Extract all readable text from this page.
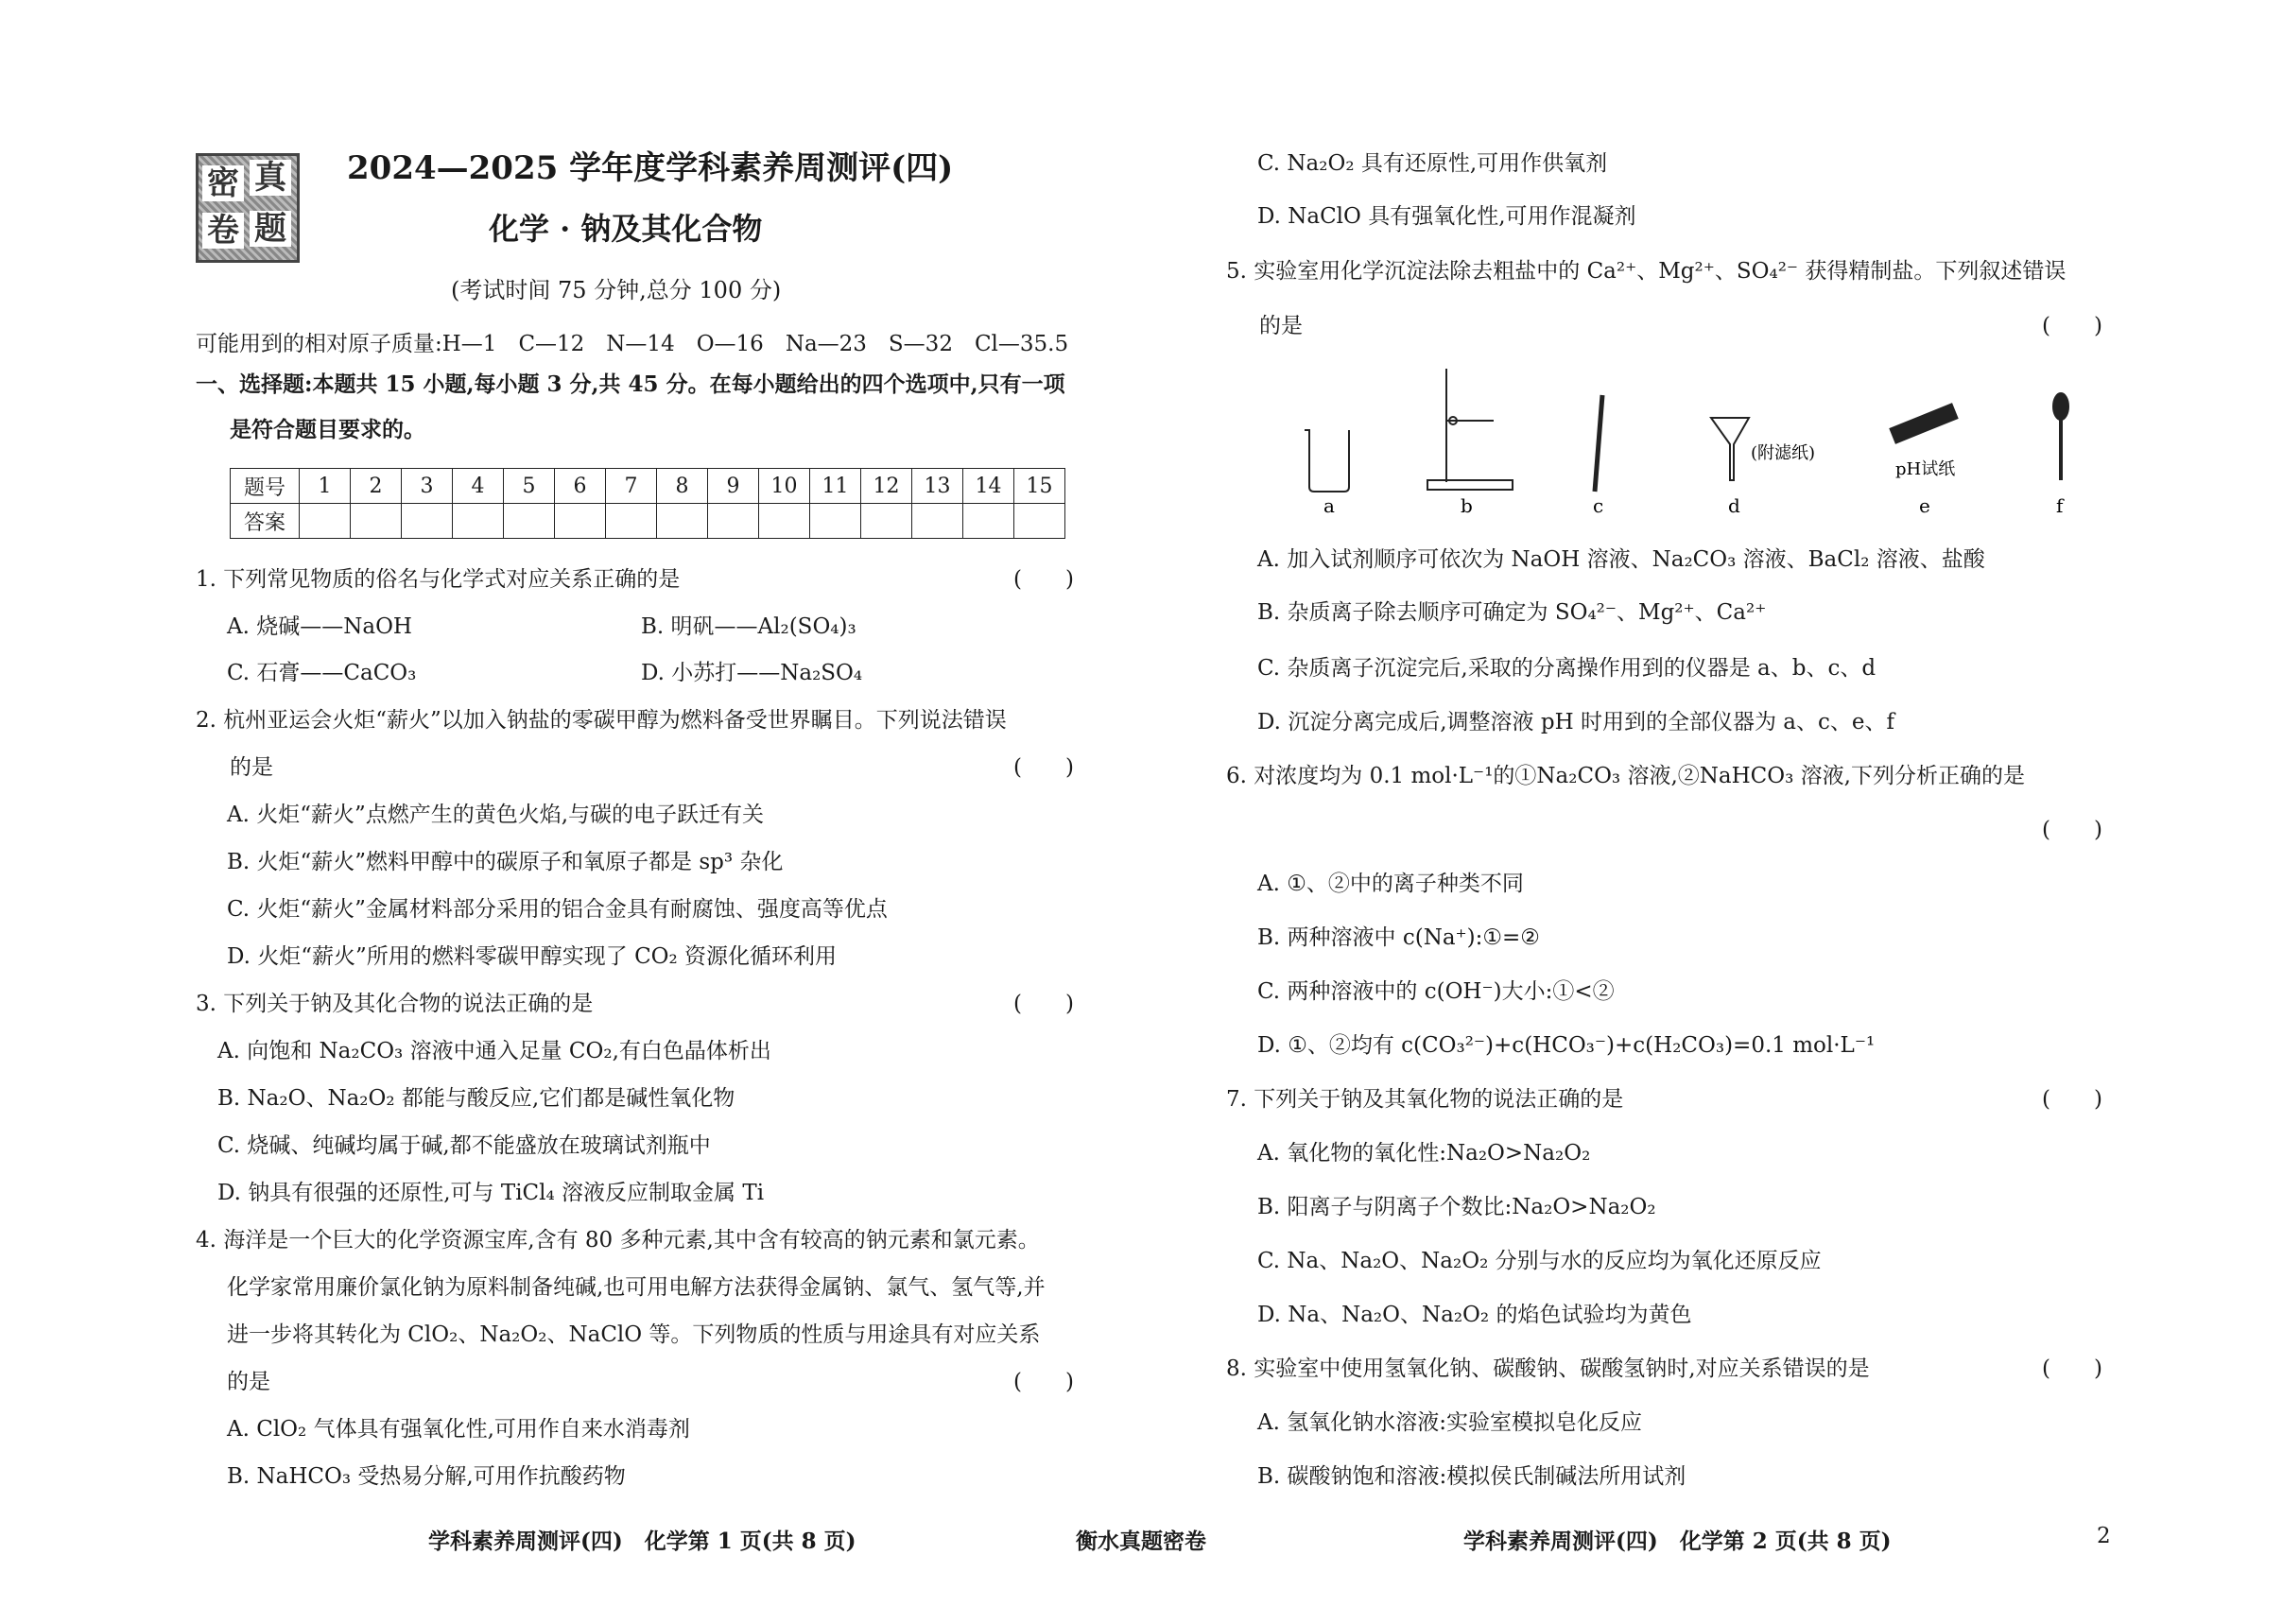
密 真
卷 题
2024—2025 学年度学科素养周测评(四)
化学 · 钠及其化合物
(考试时间 75 分钟,总分 100 分)
可能用到的相对原子质量:H—1　C—12　N—14　O—16　Na—23　S—32　Cl—35.5
一、选择题:本题共 15 小题,每小题 3 分,共 45 分。在每小题给出的四个选项中,只有一项
是符合题目要求的。
题号	1	2	3	4	5	6	7	8	9	10	11	12	13	14	15
答案															
1. 下列常见物质的俗名与化学式对应关系正确的是	(　　)
A. 烧碱——NaOH	B. 明矾——Al₂(SO₄)₃
C. 石膏——CaCO₃	D. 小苏打——Na₂SO₄
2. 杭州亚运会火炬“薪火”以加入钠盐的零碳甲醇为燃料备受世界瞩目。下列说法错误
的是	(　　)
A. 火炬“薪火”点燃产生的黄色火焰,与碳的电子跃迁有关
B. 火炬“薪火”燃料甲醇中的碳原子和氧原子都是 sp³ 杂化
C. 火炬“薪火”金属材料部分采用的铝合金具有耐腐蚀、强度高等优点
D. 火炬“薪火”所用的燃料零碳甲醇实现了 CO₂ 资源化循环利用
3. 下列关于钠及其化合物的说法正确的是	(　　)
A. 向饱和 Na₂CO₃ 溶液中通入足量 CO₂,有白色晶体析出
B. Na₂O、Na₂O₂ 都能与酸反应,它们都是碱性氧化物
C. 烧碱、纯碱均属于碱,都不能盛放在玻璃试剂瓶中
D. 钠具有很强的还原性,可与 TiCl₄ 溶液反应制取金属 Ti
4. 海洋是一个巨大的化学资源宝库,含有 80 多种元素,其中含有较高的钠元素和氯元素。
化学家常用廉价氯化钠为原料制备纯碱,也可用电解方法获得金属钠、氯气、氢气等,并
进一步将其转化为 ClO₂、Na₂O₂、NaClO 等。下列物质的性质与用途具有对应关系
的是	(　　)
A. ClO₂ 气体具有强氧化性,可用作自来水消毒剂
B. NaHCO₃ 受热易分解,可用作抗酸药物
C. Na₂O₂ 具有还原性,可用作供氧剂
D. NaClO 具有强氧化性,可用作混凝剂
5. 实验室用化学沉淀法除去粗盐中的 Ca²⁺、Mg²⁺、SO₄²⁻ 获得精制盐。下列叙述错误
的是	(　　)
a	b	c	d
(附滤纸)
pH试纸
e	f
A. 加入试剂顺序可依次为 NaOH 溶液、Na₂CO₃ 溶液、BaCl₂ 溶液、盐酸
B. 杂质离子除去顺序可确定为 SO₄²⁻、Mg²⁺、Ca²⁺
C. 杂质离子沉淀完后,采取的分离操作用到的仪器是 a、b、c、d
D. 沉淀分离完成后,调整溶液 pH 时用到的全部仪器为 a、c、e、f
6. 对浓度均为 0.1 mol·L⁻¹的①Na₂CO₃ 溶液,②NaHCO₃ 溶液,下列分析正确的是
(　　)
A. ①、②中的离子种类不同
B. 两种溶液中 c(Na⁺):①=②
C. 两种溶液中的 c(OH⁻)大小:①<②
D. ①、②均有 c(CO₃²⁻)+c(HCO₃⁻)+c(H₂CO₃)=0.1 mol·L⁻¹
7. 下列关于钠及其氧化物的说法正确的是	(　　)
A. 氧化物的氧化性:Na₂O>Na₂O₂
B. 阳离子与阴离子个数比:Na₂O>Na₂O₂
C. Na、Na₂O、Na₂O₂ 分别与水的反应均为氧化还原反应
D. Na、Na₂O、Na₂O₂ 的焰色试验均为黄色
8. 实验室中使用氢氧化钠、碳酸钠、碳酸氢钠时,对应关系错误的是	(　　)
A. 氢氧化钠水溶液:实验室模拟皂化反应
B. 碳酸钠饱和溶液:模拟侯氏制碱法所用试剂
学科素养周测评(四)　化学第 1 页(共 8 页)	衡水真题密卷	学科素养周测评(四)　化学第 2 页(共 8 页)	2
